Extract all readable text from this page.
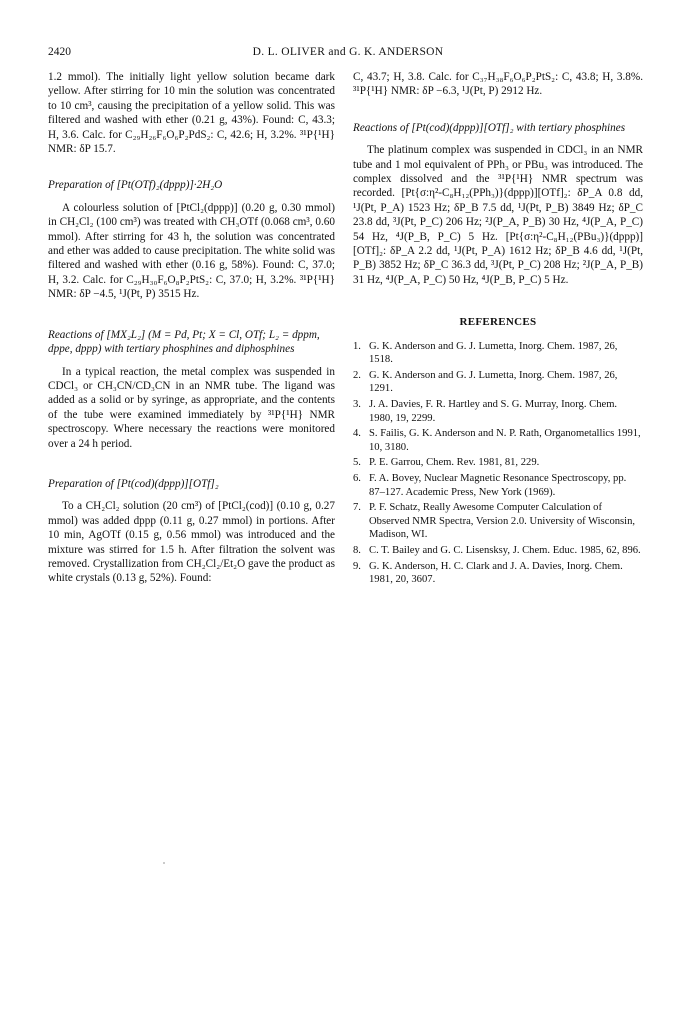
2420	D. L. OLIVER and G. K. ANDERSON

1.2 mmol). The initially light yellow solution became dark yellow. After stirring for 10 min the solution was concentrated to 10 cm³, causing the precipitation of a yellow solid. This was filtered and washed with ether (0.21 g, 43%). Found: C, 43.3; H, 3.6. Calc. for C₂₉H₂₆F₆O₆P₂PdS₂: C, 42.6; H, 3.2%. ³¹P{¹H} NMR: δP 15.7.

Preparation of [Pt(OTf)₂(dppp)]·2H₂O

A colourless solution of [PtCl₂(dppp)] (0.20 g, 0.30 mmol) in CH₂Cl₂ (100 cm³) was treated with CH₃OTf (0.068 cm³, 0.60 mmol). After stirring for 43 h, the solution was concentrated and ether was added to cause precipitation. The white solid was filtered and washed with ether (0.16 g, 58%). Found: C, 37.0; H, 3.2. Calc. for C₂₉H₃₀F₆O₈P₂PtS₂: C, 37.0; H, 3.2%. ³¹P{¹H} NMR: δP −4.5, ¹J(Pt, P) 3515 Hz.

Reactions of [MX₂L₂] (M = Pd, Pt; X = Cl, OTf; L₂ = dppm, dppe, dppp) with tertiary phosphines and diphosphines

In a typical reaction, the metal complex was suspended in CDCl₃ or CH₃CN/CD₃CN in an NMR tube. The ligand was added as a solid or by syringe, as appropriate, and the contents of the tube were examined immediately by ³¹P{¹H} NMR spectroscopy. Where necessary the reactions were monitored over a 24 h period.

Preparation of [Pt(cod)(dppp)][OTf]₂

To a CH₂Cl₂ solution (20 cm³) of [PtCl₂(cod)] (0.10 g, 0.27 mmol) was added dppp (0.11 g, 0.27 mmol) in portions. After 10 min, AgOTf (0.15 g, 0.56 mmol) was introduced and the mixture was stirred for 1.5 h. After filtration the solvent was removed. Crystallization from CH₂Cl₂/Et₂O gave the product as white crystals (0.13 g, 52%). Found:

C, 43.7; H, 3.8. Calc. for C₃₇H₃₈F₆O₆P₂PtS₂: C, 43.8; H, 3.8%. ³¹P{¹H} NMR: δP −6.3, ¹J(Pt, P) 2912 Hz.

Reactions of [Pt(cod)(dppp)][OTf]₂ with tertiary phosphines

The platinum complex was suspended in CDCl₃ in an NMR tube and 1 mol equivalent of PPh₃ or PBu₃ was introduced. The complex dissolved and the ³¹P{¹H} NMR spectrum was recorded. [Pt{σ:η²-C₈H₁₂(PPh₃)}(dppp)][OTf]₂: δP_A 0.8 dd, ¹J(Pt, P_A) 1523 Hz; δP_B 7.5 dd, ¹J(Pt, P_B) 3849 Hz; δP_C 23.8 dd, ³J(Pt, P_C) 206 Hz; ²J(P_A, P_B) 30 Hz, ⁴J(P_A, P_C) 54 Hz, ⁴J(P_B, P_C) 5 Hz. [Pt{σ:η²-C₈H₁₂(PBu₃)}(dppp)][OTf]₂: δP_A 2.2 dd, ¹J(Pt, P_A) 1612 Hz; δP_B 4.6 dd, ¹J(Pt, P_B) 3852 Hz; δP_C 36.3 dd, ³J(Pt, P_C) 208 Hz; ²J(P_A, P_B) 31 Hz, ⁴J(P_A, P_C) 50 Hz, ⁴J(P_B, P_C) 5 Hz.

REFERENCES
1. G. K. Anderson and G. J. Lumetta, Inorg. Chem. 1987, 26, 1518.
2. G. K. Anderson and G. J. Lumetta, Inorg. Chem. 1987, 26, 1291.
3. J. A. Davies, F. R. Hartley and S. G. Murray, Inorg. Chem. 1980, 19, 2299.
4. S. Failis, G. K. Anderson and N. P. Rath, Organometallics 1991, 10, 3180.
5. P. E. Garrou, Chem. Rev. 1981, 81, 229.
6. F. A. Bovey, Nuclear Magnetic Resonance Spectroscopy, pp. 87–127. Academic Press, New York (1969).
7. P. F. Schatz, Really Awesome Computer Calculation of Observed NMR Spectra, Version 2.0. University of Wisconsin, Madison, WI.
8. C. T. Bailey and G. C. Lisensksy, J. Chem. Educ. 1985, 62, 896.
9. G. K. Anderson, H. C. Clark and J. A. Davies, Inorg. Chem. 1981, 20, 3607.
